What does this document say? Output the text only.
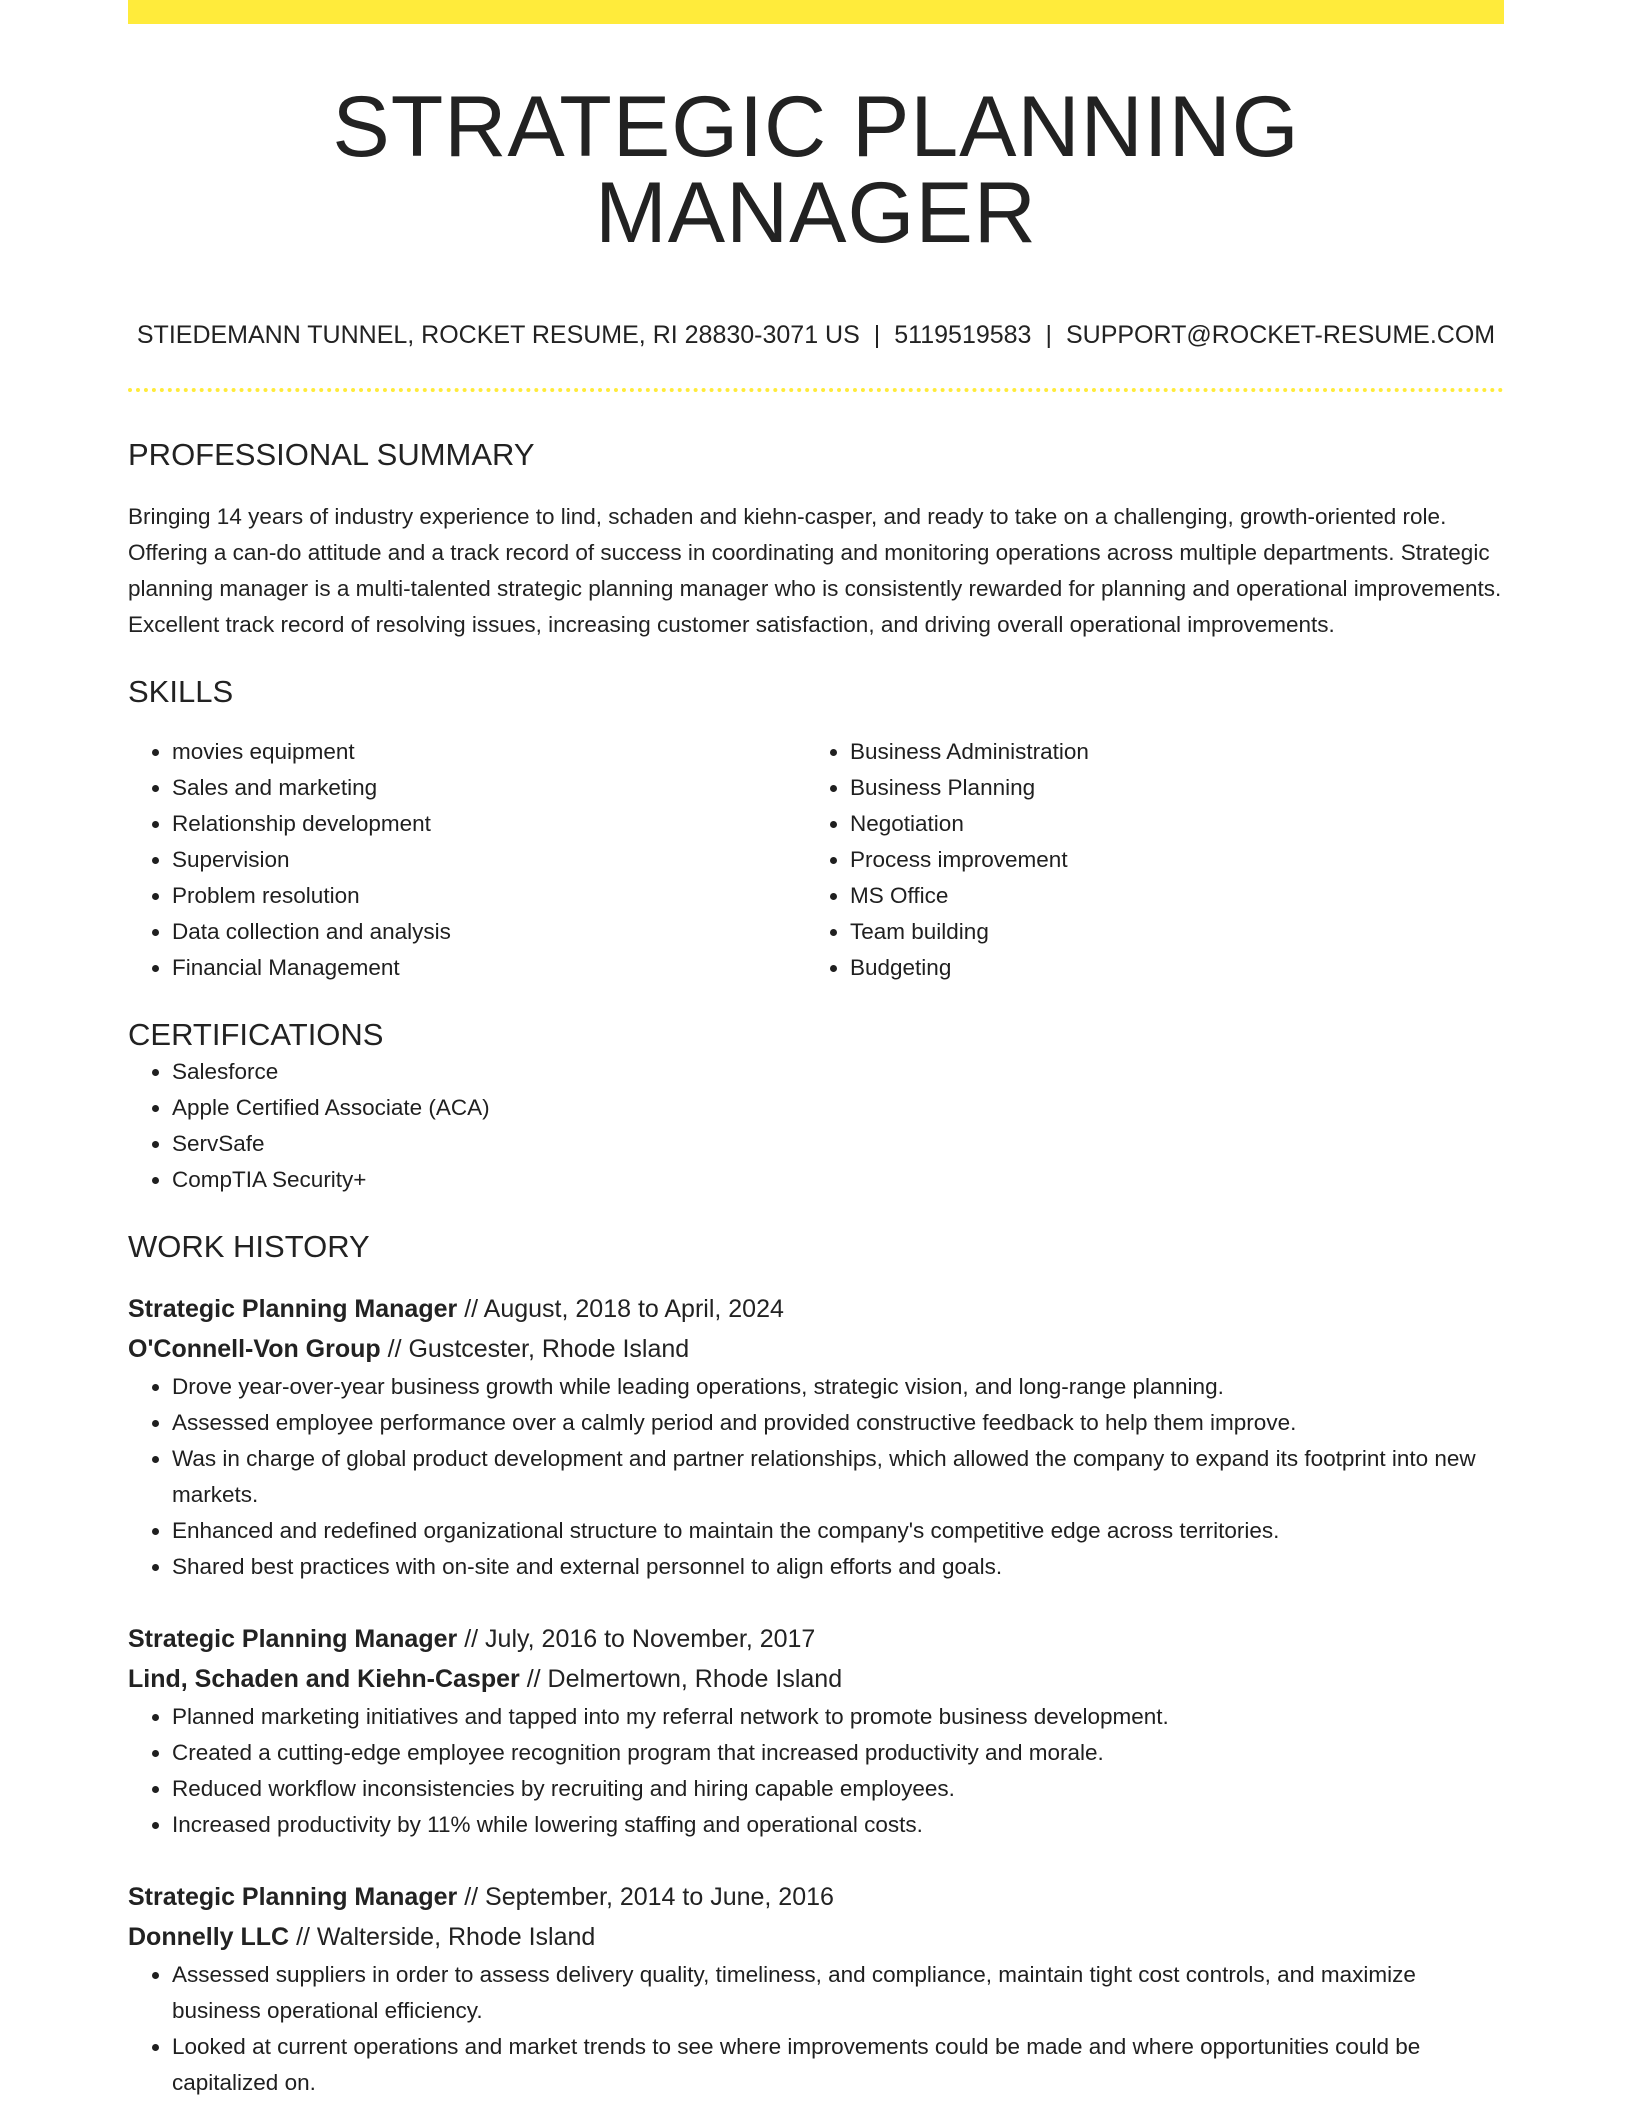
STRATEGIC PLANNING MANAGER
STIEDEMANN TUNNEL, ROCKET RESUME, RI 28830-3071 US | 5119519583 | SUPPORT@ROCKET-RESUME.COM
PROFESSIONAL SUMMARY

Bringing 14 years of industry experience to lind, schaden and kiehn-casper, and ready to take on a challenging, growth-oriented role. Offering a can-do attitude and a track record of success in coordinating and monitoring operations across multiple departments. Strategic planning manager is a multi-talented strategic planning manager who is consistently rewarded for planning and operational improvements. Excellent track record of resolving issues, increasing customer satisfaction, and driving overall operational improvements.

SKILLS
• movies equipment
• Sales and marketing
• Relationship development
• Supervision
• Problem resolution
• Data collection and analysis
• Financial Management
• Business Administration
• Business Planning
• Negotiation
• Process improvement
• MS Office
• Team building
• Budgeting
CERTIFICATIONS
• Salesforce
• Apple Certified Associate (ACA)
• ServSafe
• CompTIA Security+
WORK HISTORY
Strategic Planning Manager // August, 2018 to April, 2024
O'Connell-Von Group // Gustcester, Rhode Island
• Drove year-over-year business growth while leading operations, strategic vision, and long-range planning.
• Assessed employee performance over a calmly period and provided constructive feedback to help them improve.
• Was in charge of global product development and partner relationships, which allowed the company to expand its footprint into new markets.
• Enhanced and redefined organizational structure to maintain the company's competitive edge across territories.
• Shared best practices with on-site and external personnel to align efforts and goals.
Strategic Planning Manager // July, 2016 to November, 2017
Lind, Schaden and Kiehn-Casper // Delmertown, Rhode Island
• Planned marketing initiatives and tapped into my referral network to promote business development.
• Created a cutting-edge employee recognition program that increased productivity and morale.
• Reduced workflow inconsistencies by recruiting and hiring capable employees.
• Increased productivity by 11% while lowering staffing and operational costs.
Strategic Planning Manager // September, 2014 to June, 2016
Donnelly LLC // Walterside, Rhode Island
• Assessed suppliers in order to assess delivery quality, timeliness, and compliance, maintain tight cost controls, and maximize business operational efficiency.
• Looked at current operations and market trends to see where improvements could be made and where opportunities could be capitalized on.
